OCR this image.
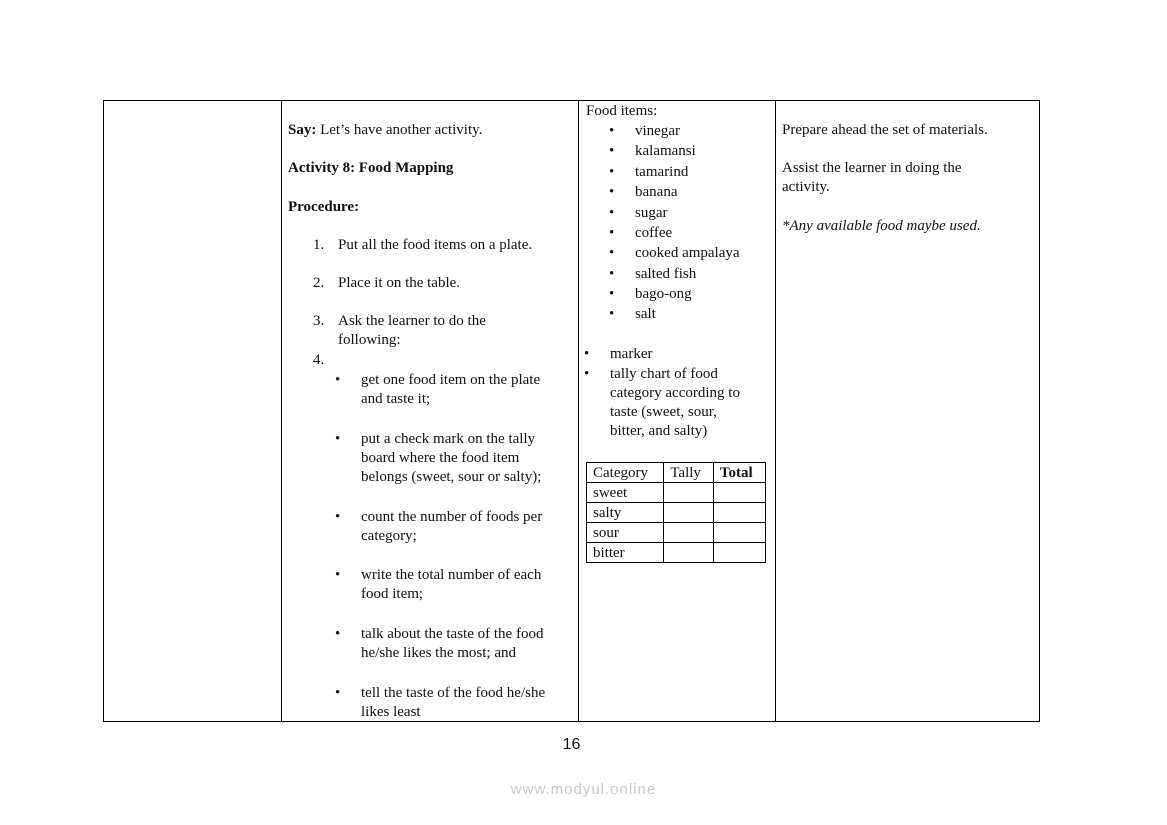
Say: Let’s have another activity.
Activity 8: Food Mapping
Procedure:
1. Put all the food items on a plate.
2. Place it on the table.
3. Ask the learner to do the
following:
4.
• get one food item on the plate
and taste it;
• put a check mark on the tally
board where the food item
belongs (sweet, sour or salty);
• count the number of foods per
category;
• write the total number of each
food item;
• talk about the taste of the food
he/she likes the most; and
• tell the taste of the food he/she
likes least
Food items:
• vinegar
• kalamansi
• tamarind
• banana
• sugar
• coffee
• cooked ampalaya
• salted fish
• bago-ong
• salt
• marker
• tally chart of food
category according to
taste (sweet, sour,
bitter, and salty)
Category	Tally	Total
sweet		
salty		
sour		
bitter		
Prepare ahead the set of materials.
Assist the learner in doing the
activity.
*Any available food maybe used.
16
www.modyul.online
